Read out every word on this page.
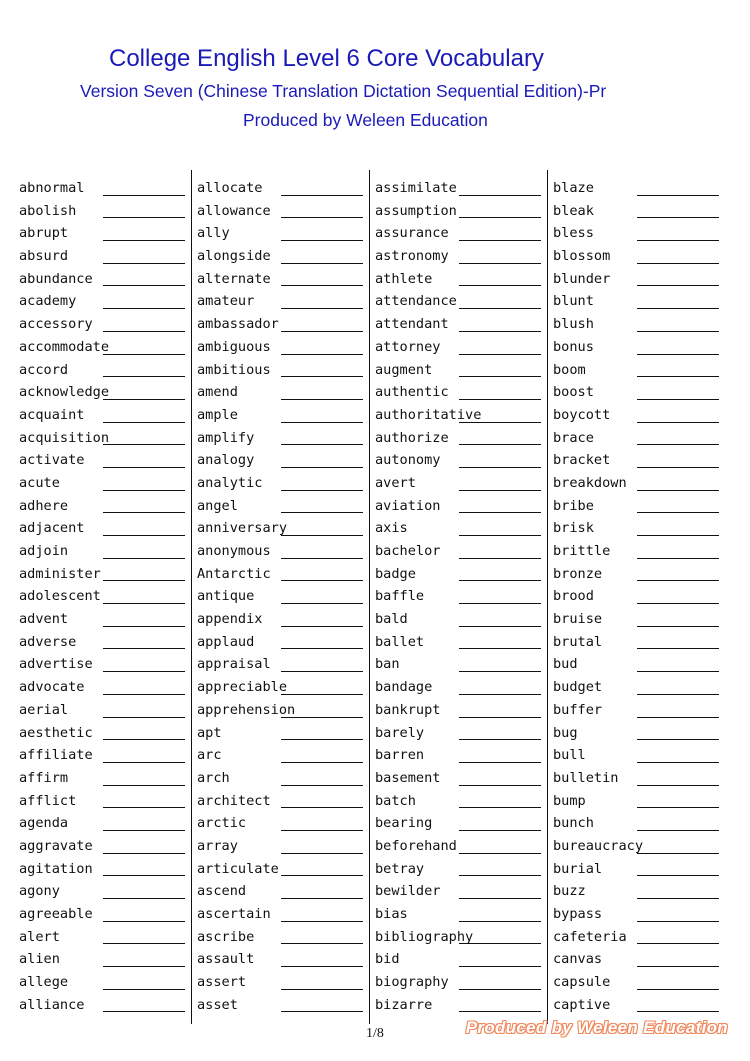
College English Level 6 Core Vocabulary
Version Seven (Chinese Translation Dictation Sequential Edition)-Pr
Produced by Weleen Education
abnormal
abolish
abrupt
absurd
abundance
academy
accessory
accommodate
accord
acknowledge
acquaint
acquisition
activate
acute
adhere
adjacent
adjoin
administer
adolescent
advent
adverse
advertise
advocate
aerial
aesthetic
affiliate
affirm
afflict
agenda
aggravate
agitation
agony
agreeable
alert
alien
allege
alliance
allocate
allowance
ally
alongside
alternate
amateur
ambassador
ambiguous
ambitious
amend
ample
amplify
analogy
analytic
angel
anniversary
anonymous
Antarctic
antique
appendix
applaud
appraisal
appreciable
apprehension
apt
arc
arch
architect
arctic
array
articulate
ascend
ascertain
ascribe
assault
assert
asset
assimilate
assumption
assurance
astronomy
athlete
attendance
attendant
attorney
augment
authentic
authoritative
authorize
autonomy
avert
aviation
axis
bachelor
badge
baffle
bald
ballet
ban
bandage
bankrupt
barely
barren
basement
batch
bearing
beforehand
betray
bewilder
bias
bibliography
bid
biography
bizarre
blaze
bleak
bless
blossom
blunder
blunt
blush
bonus
boom
boost
boycott
brace
bracket
breakdown
bribe
brisk
brittle
bronze
brood
bruise
brutal
bud
budget
buffer
bug
bull
bulletin
bump
bunch
bureaucracy
burial
buzz
bypass
cafeteria
canvas
capsule
captive
1/8	Produced by Weleen Education
